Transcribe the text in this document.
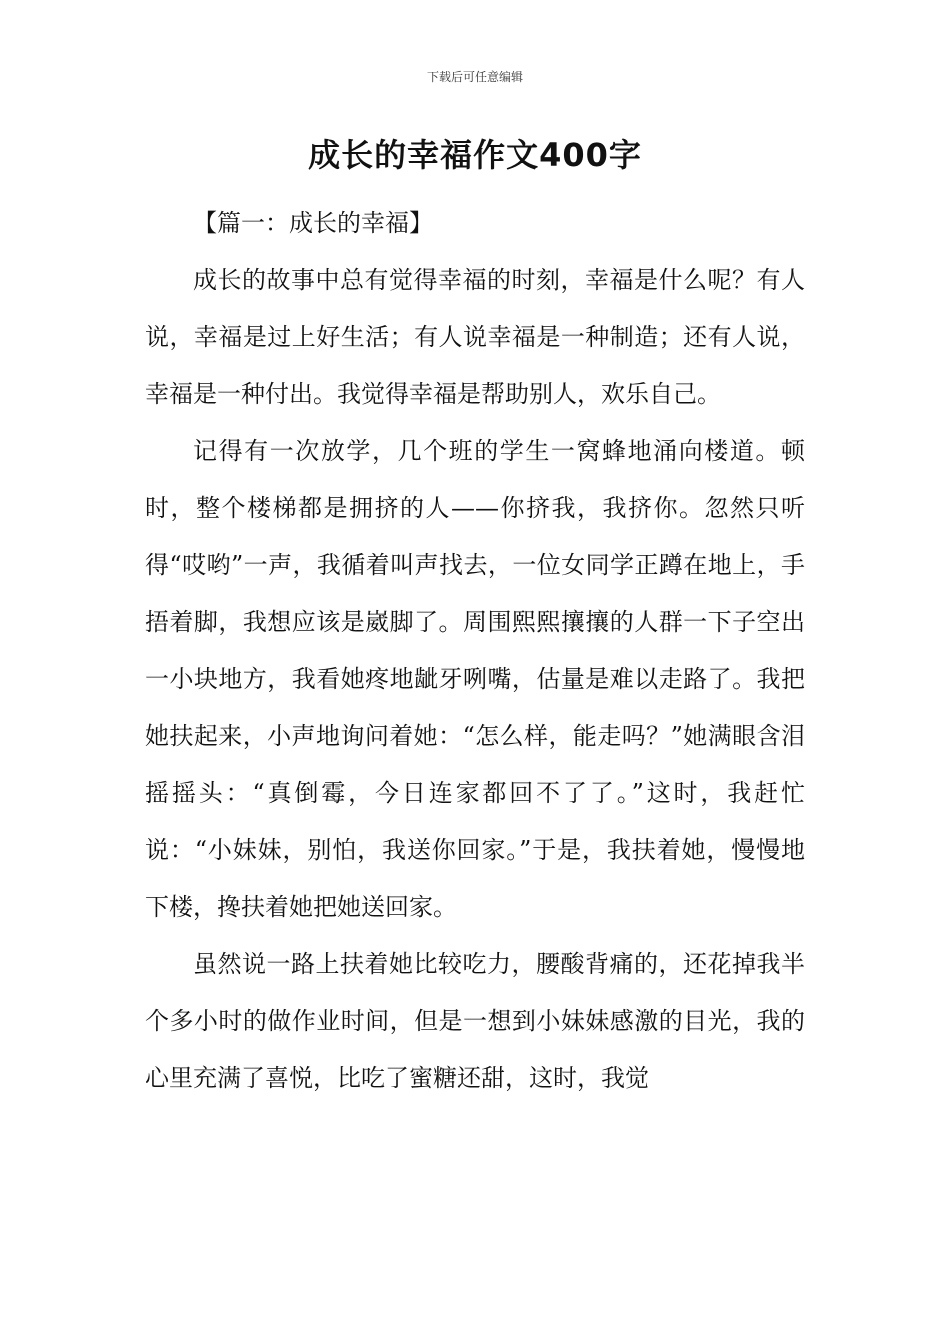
下载后可任意编辑
成长的幸福作文400字

【篇一：成长的幸福】

成长的故事中总有觉得幸福的时刻，幸福是什么呢？有人说，幸福是过上好生活；有人说幸福是一种制造；还有人说，幸福是一种付出。我觉得幸福是帮助别人，欢乐自己。

记得有一次放学，几个班的学生一窝蜂地涌向楼道。顿时，整个楼梯都是拥挤的人——你挤我，我挤你。忽然只听得“哎哟”一声，我循着叫声找去，一位女同学正蹲在地上，手捂着脚，我想应该是崴脚了。周围熙熙攘攘的人群一下子空出一小块地方，我看她疼地龇牙咧嘴，估量是难以走路了。我把她扶起来，小声地询问着她：“怎么样，能走吗？”她满眼含泪摇摇头：“真倒霉，今日连家都回不了了。”这时，我赶忙说：“小妹妹，别怕，我送你回家。”于是，我扶着她，慢慢地下楼，搀扶着她把她送回家。

虽然说一路上扶着她比较吃力，腰酸背痛的，还花掉我半个多小时的做作业时间，但是一想到小妹妹感激的目光，我的心里充满了喜悦，比吃了蜜糖还甜，这时，我觉
